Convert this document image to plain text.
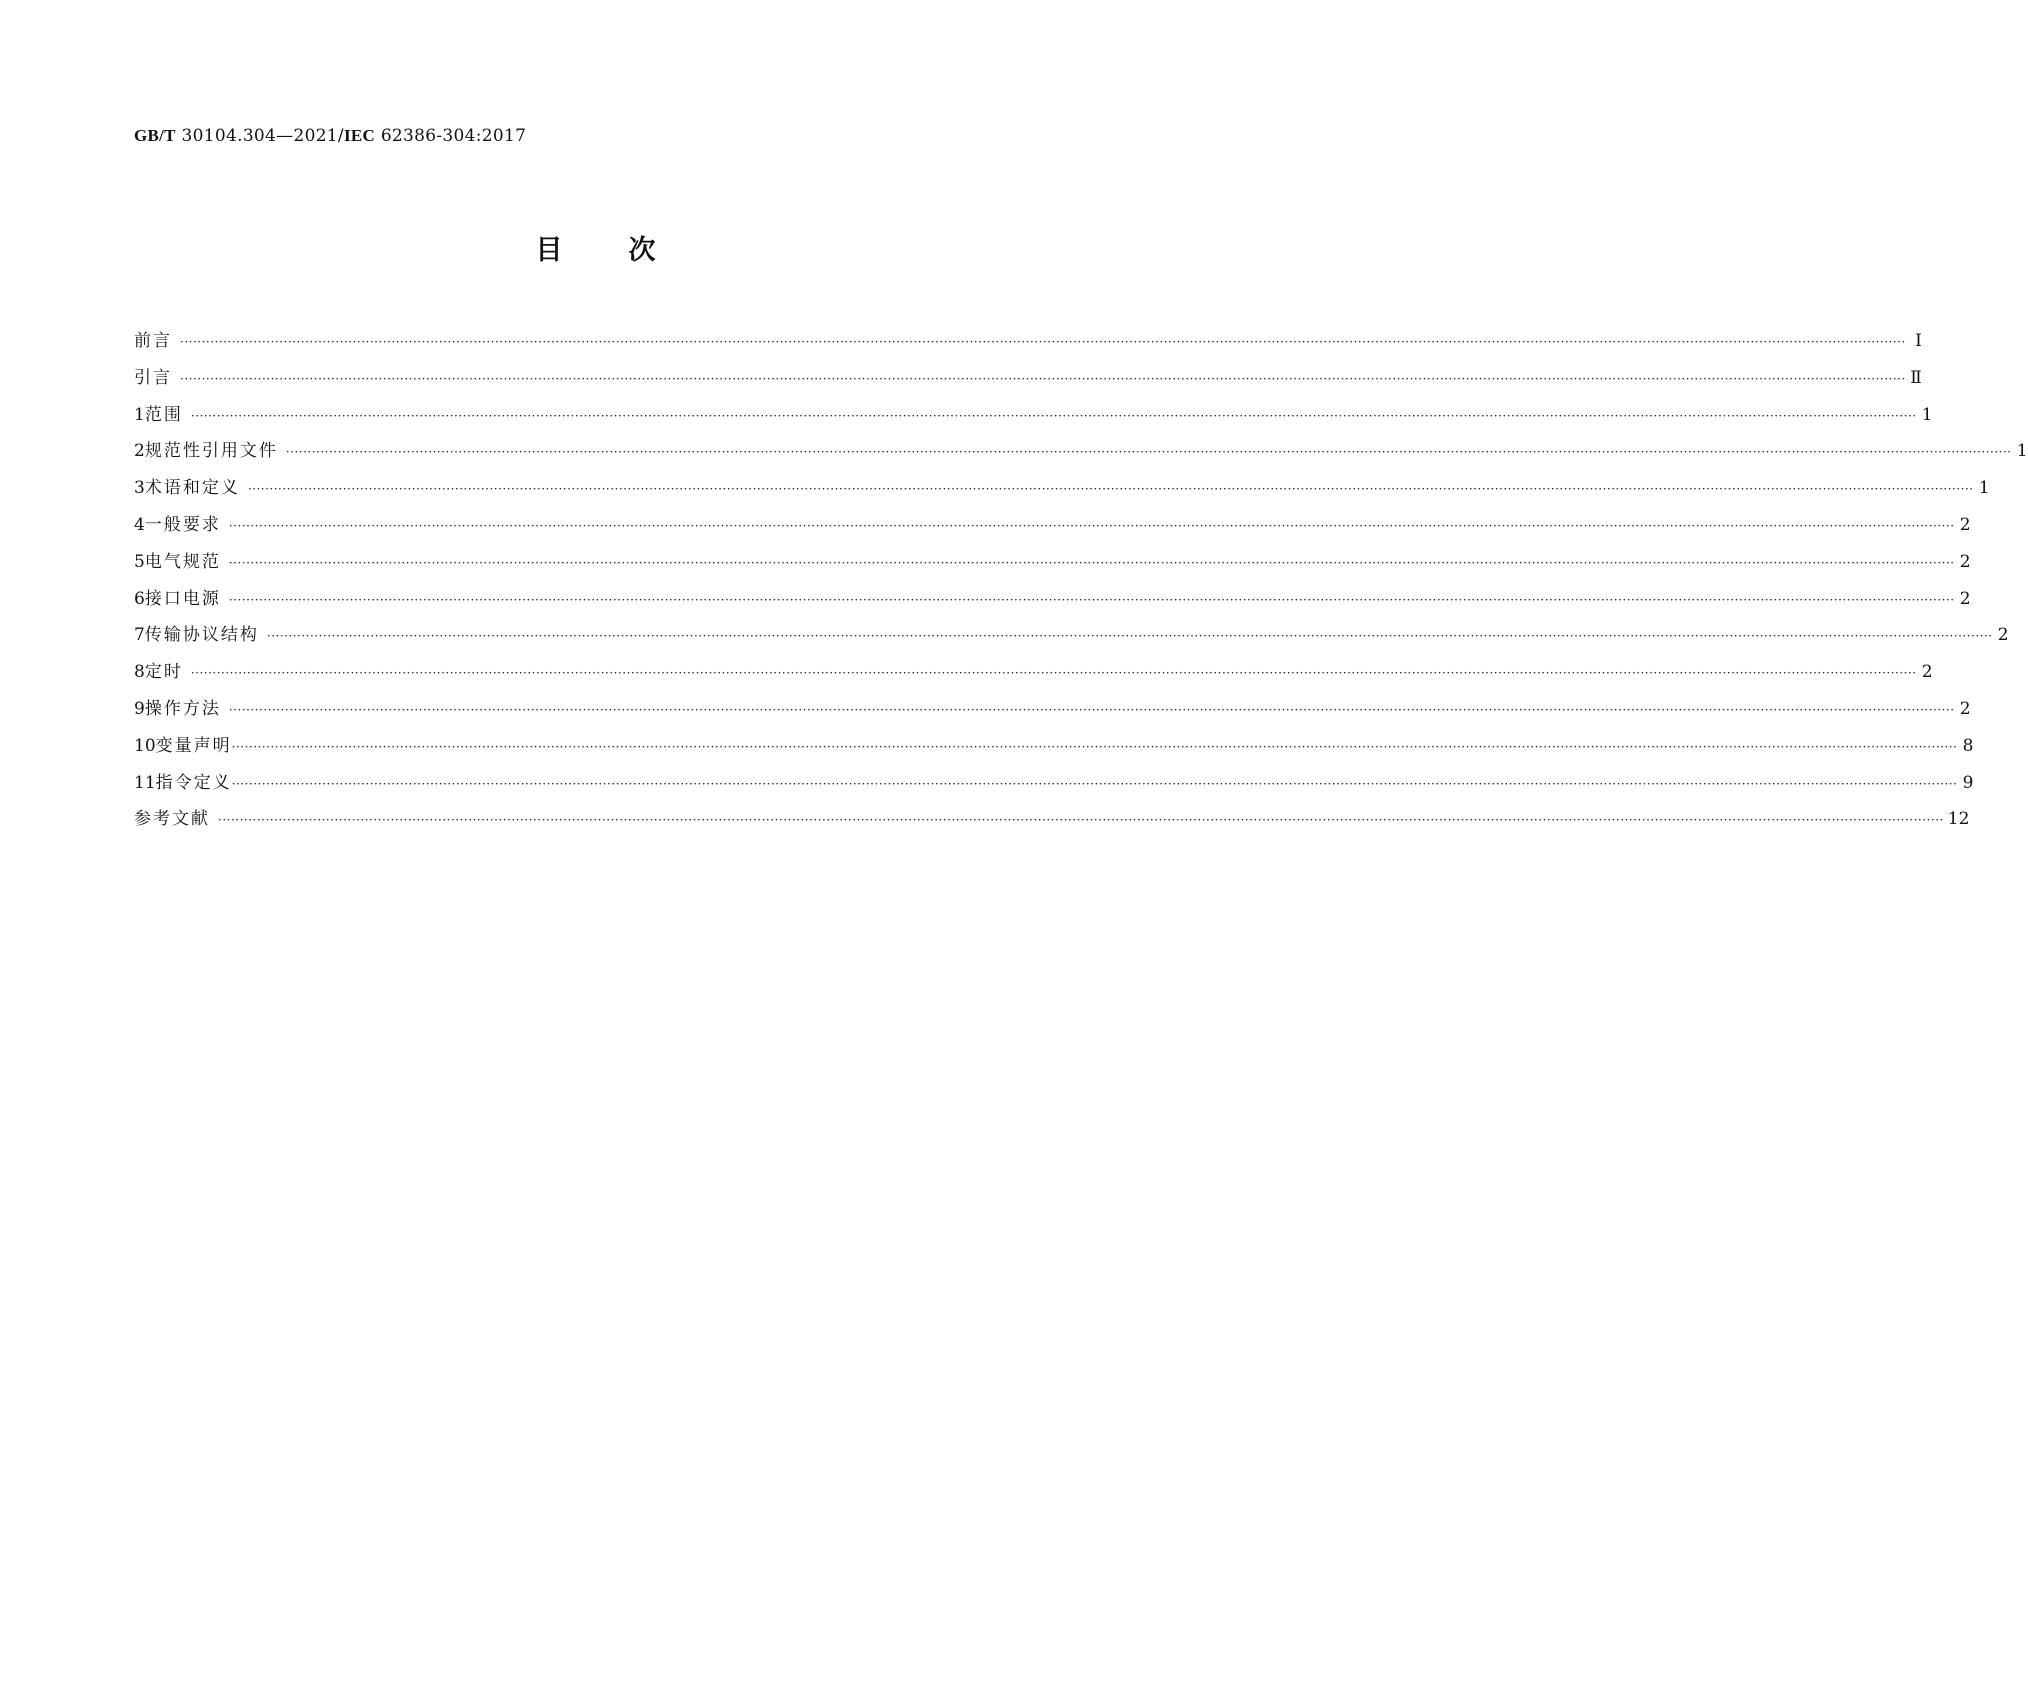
GB/T 30104.304—2021/IEC 62386-304:2017
目 次
前言 ················································································································································································································································································································································································································ Ⅰ
引言 ················································································································································································································································································································································································································ Ⅱ
1 范围 ················································································································································································································································································································································································································ 1
2 规范性引用文件 ················································································································································································································································································································································································································ 1
3 术语和定义 ················································································································································································································································································································································································································ 1
4 一般要求 ················································································································································································································································································································································································································ 2
5 电气规范 ················································································································································································································································································································································································································ 2
6 接口电源 ················································································································································································································································································································································································································ 2
7 传输协议结构 ················································································································································································································································································································································································································ 2
8 定时 ················································································································································································································································································································································································································ 2
9 操作方法 ················································································································································································································································································································································································································ 2
10 变量声明 ················································································································································································································································································································································································································ 8
11 指令定义 ················································································································································································································································································································································································································ 9
参考文献 ················································································································································································································································································································································································································ 12
